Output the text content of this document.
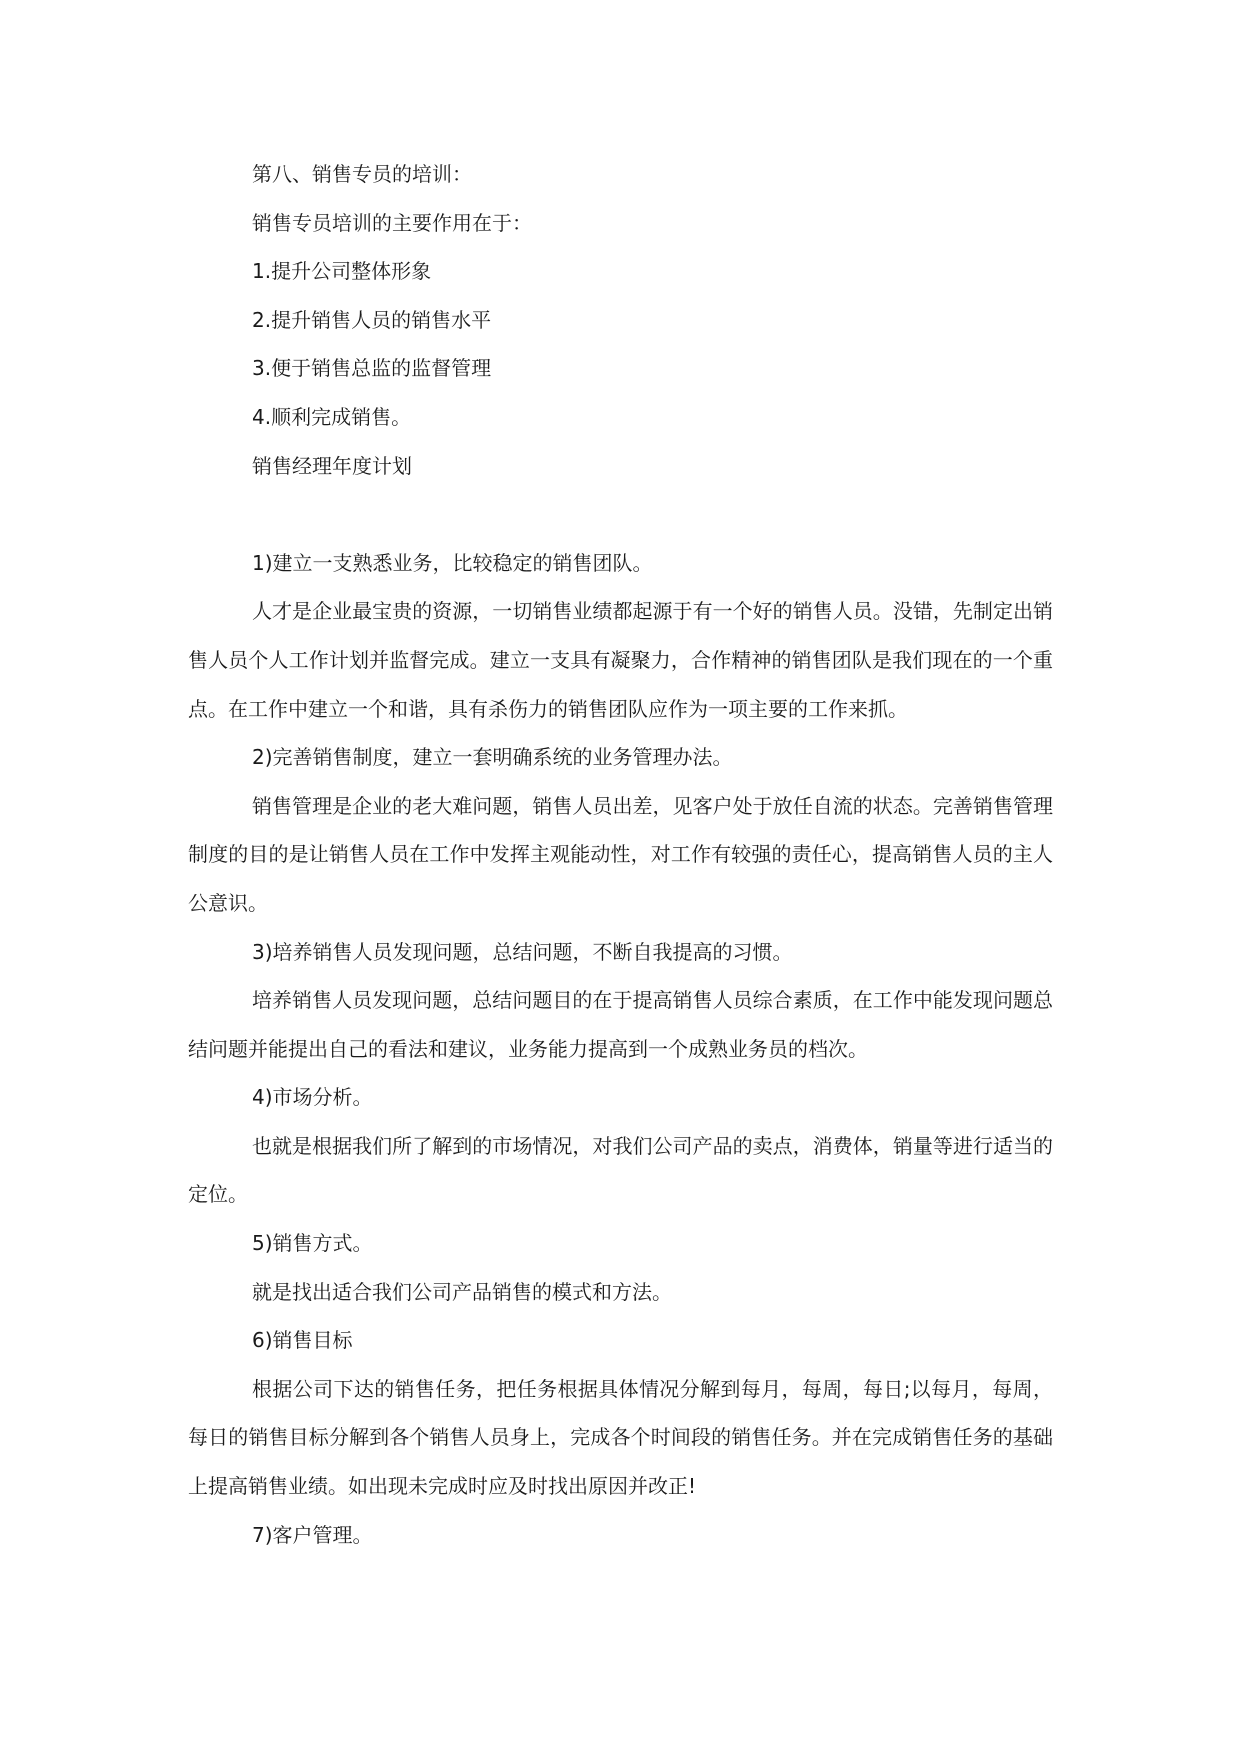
第八、销售专员的培训：

销售专员培训的主要作用在于：

1.提升公司整体形象

2.提升销售人员的销售水平

3.便于销售总监的监督管理

4.顺利完成销售。

销售经理年度计划

1)建立一支熟悉业务，比较稳定的销售团队。

人才是企业最宝贵的资源，一切销售业绩都起源于有一个好的销售人员。没错，先制定出销售人员个人工作计划并监督完成。建立一支具有凝聚力，合作精神的销售团队是我们现在的一个重点。在工作中建立一个和谐，具有杀伤力的销售团队应作为一项主要的工作来抓。

2)完善销售制度，建立一套明确系统的业务管理办法。

销售管理是企业的老大难问题，销售人员出差，见客户处于放任自流的状态。完善销售管理制度的目的是让销售人员在工作中发挥主观能动性，对工作有较强的责任心，提高销售人员的主人公意识。

3)培养销售人员发现问题，总结问题，不断自我提高的习惯。

培养销售人员发现问题，总结问题目的在于提高销售人员综合素质，在工作中能发现问题总结问题并能提出自己的看法和建议，业务能力提高到一个成熟业务员的档次。

4)市场分析。

也就是根据我们所了解到的市场情况，对我们公司产品的卖点，消费体，销量等进行适当的定位。

5)销售方式。

就是找出适合我们公司产品销售的模式和方法。

6)销售目标

根据公司下达的销售任务，把任务根据具体情况分解到每月，每周，每日;以每月，每周，每日的销售目标分解到各个销售人员身上，完成各个时间段的销售任务。并在完成销售任务的基础上提高销售业绩。如出现未完成时应及时找出原因并改正!

7)客户管理。
